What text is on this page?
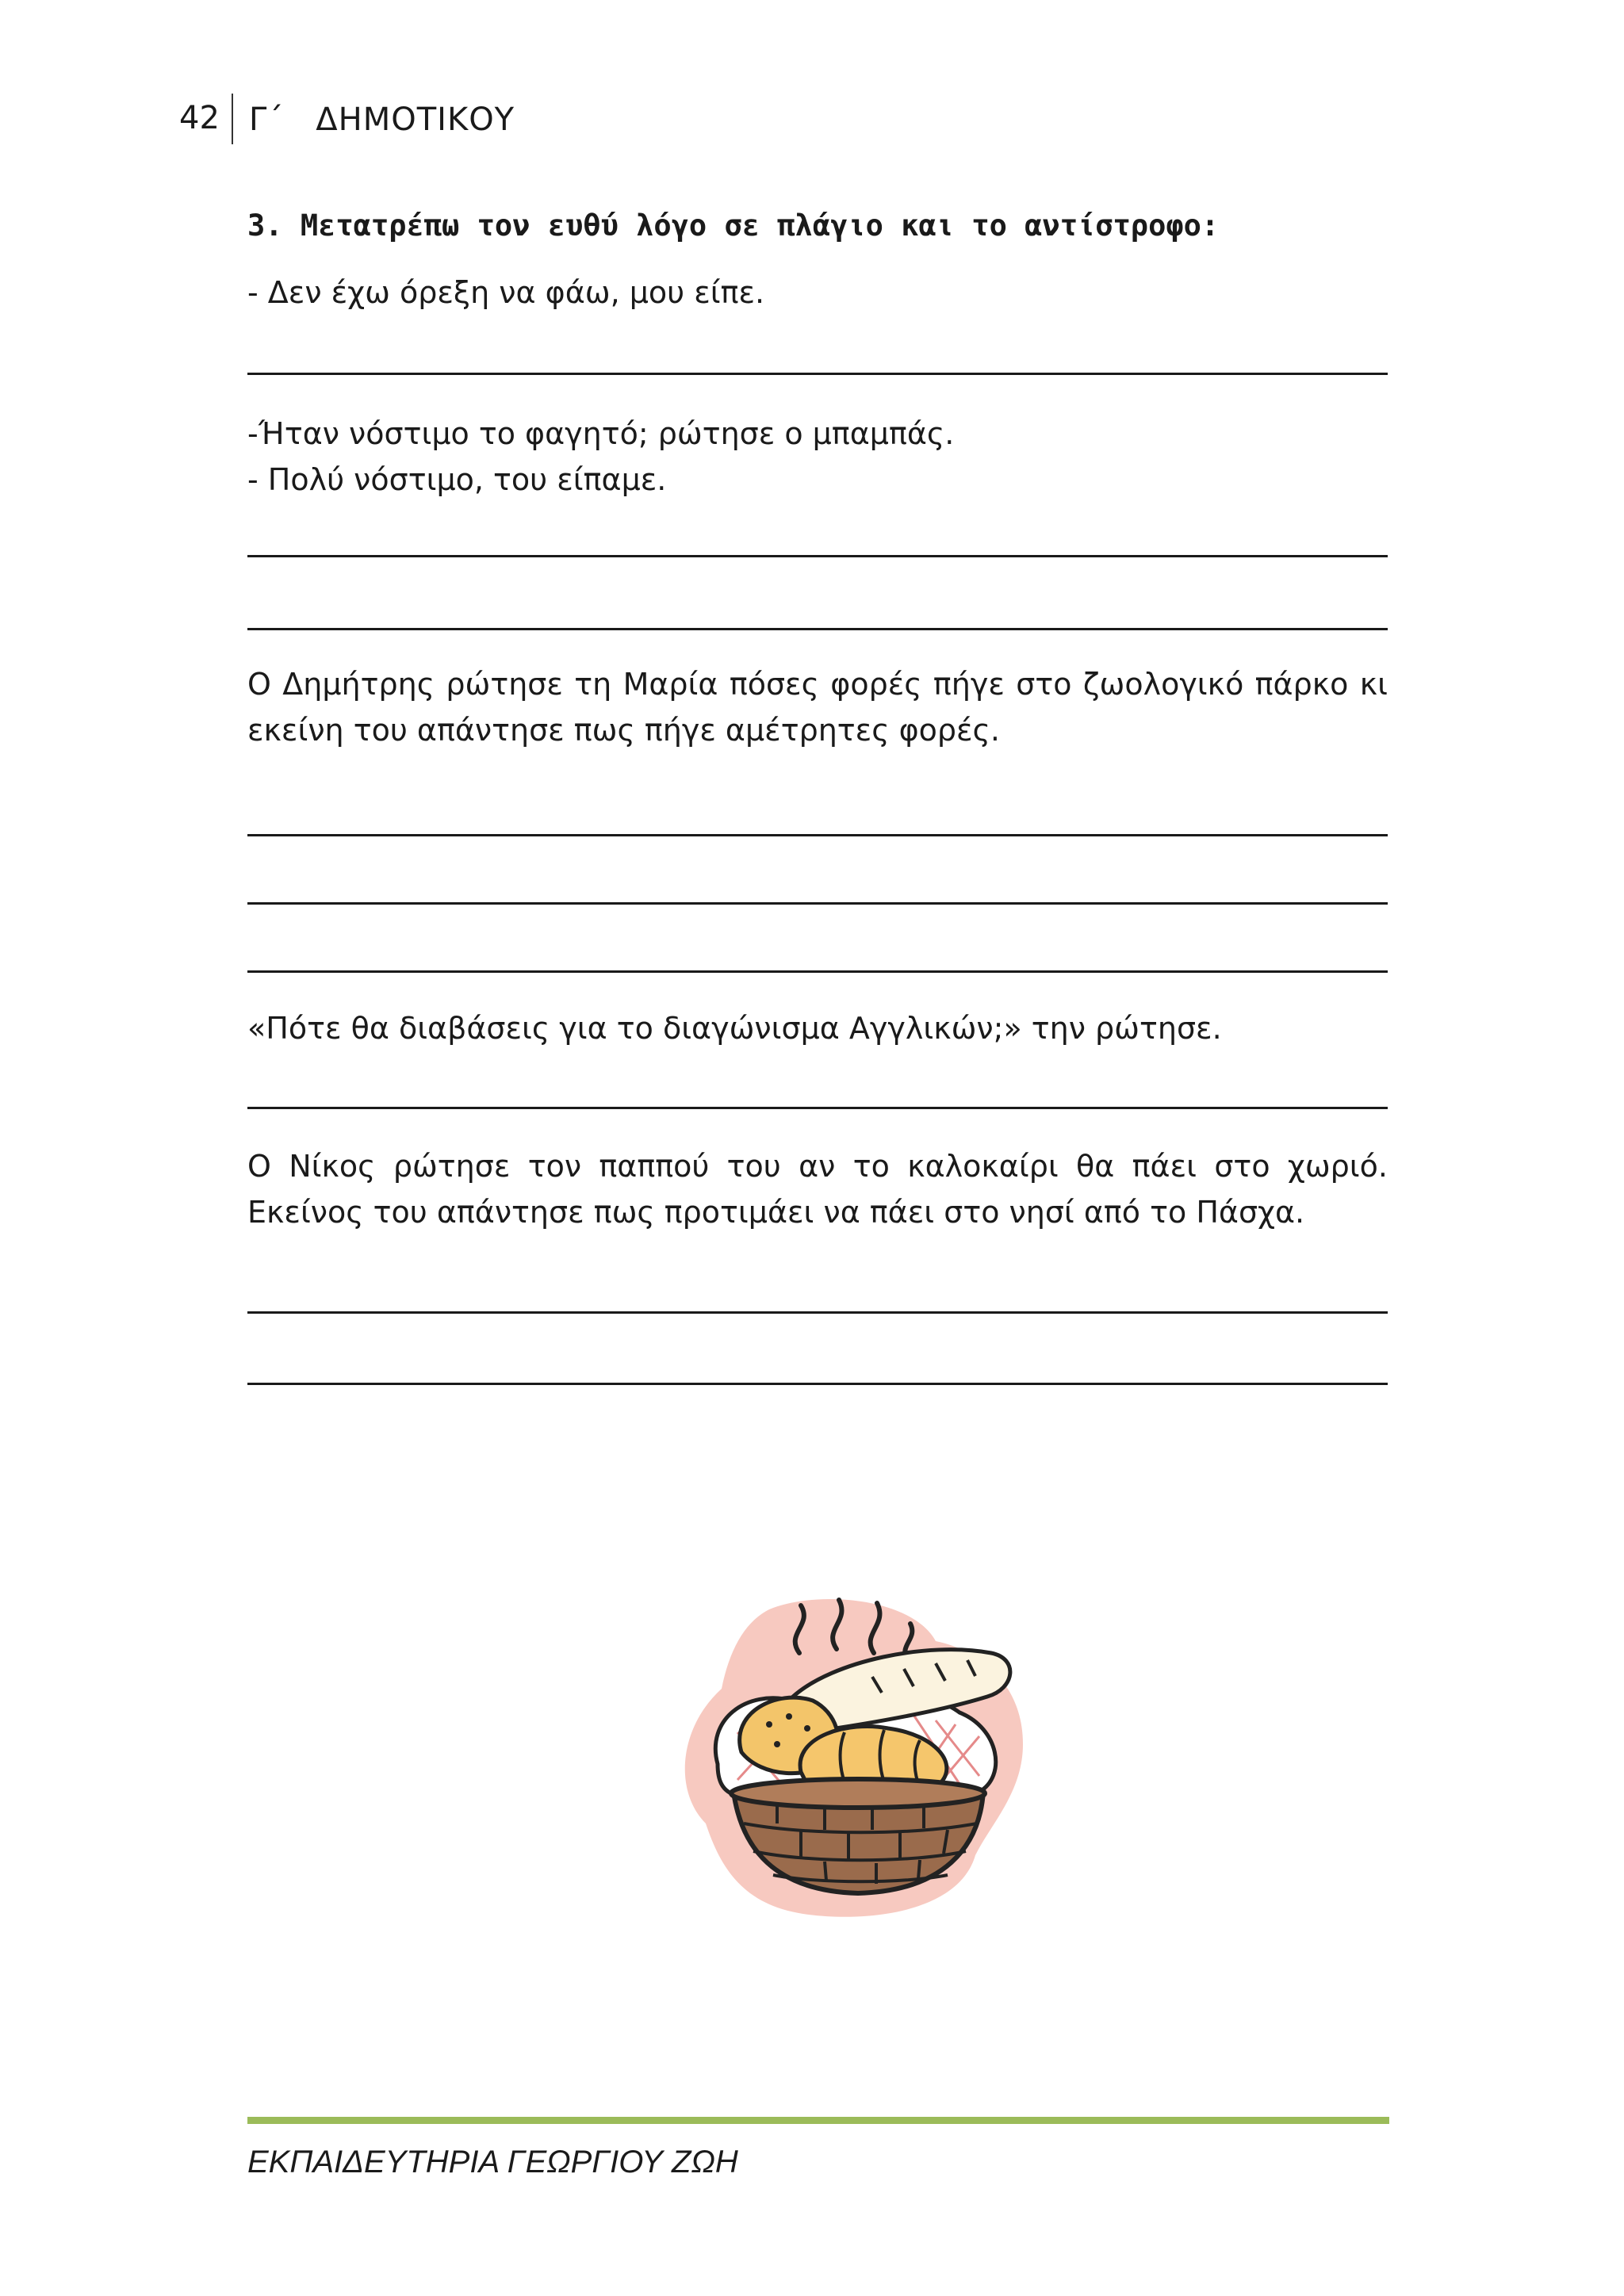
42 Γ΄ ΔΗΜΟΤΙΚΟΥ

3. Μετατρέπω τον ευθύ λόγο σε πλάγιο και το αντίστροφο:

- Δεν έχω όρεξη να φάω, μου είπε.

-Ήταν νόστιμο το φαγητό; ρώτησε ο μπαμπάς.

- Πολύ νόστιμο, του είπαμε.

Ο Δημήτρης ρώτησε τη Μαρία πόσες φορές πήγε στο ζωολογικό πάρκο κι εκείνη του απάντησε πως πήγε αμέτρητες φορές.

«Πότε θα διαβάσεις για το διαγώνισμα Αγγλικών;» την ρώτησε.

Ο Νίκος ρώτησε τον παππού του αν το καλοκαίρι θα πάει στο χωριό. Εκείνος του απάντησε πως προτιμάει να πάει στο νησί από το Πάσχα.

ΕΚΠΑΙΔΕΥΤΗΡΙΑ ΓΕΩΡΓΙΟΥ ΖΩΗ
